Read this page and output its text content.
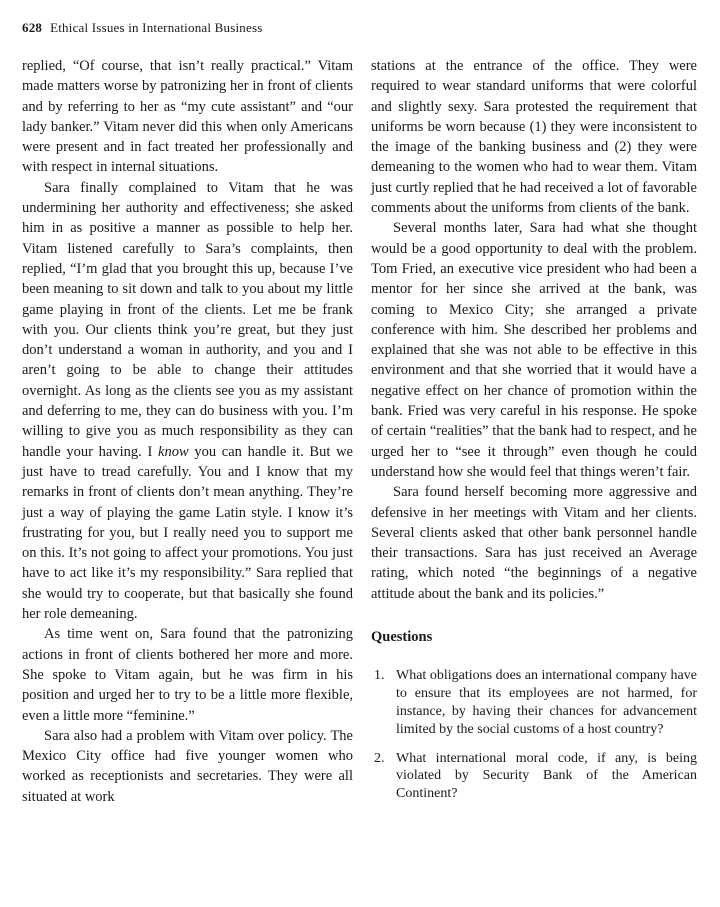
628 Ethical Issues in International Business

replied, “Of course, that isn’t really practical.” Vitam made matters worse by patronizing her in front of clients and by referring to her as “my cute assistant” and “our lady banker.” Vitam never did this when only Americans were present and in fact treated her professionally and with respect in internal situations.

Sara finally complained to Vitam that he was undermining her authority and effectiveness; she asked him in as positive a manner as possible to help her. Vitam listened carefully to Sara’s complaints, then replied, “I’m glad that you brought this up, because I’ve been meaning to sit down and talk to you about my little game playing in front of the clients. Let me be frank with you. Our clients think you’re great, but they just don’t understand a woman in authority, and you and I aren’t going to be able to change their attitudes overnight. As long as the clients see you as my assistant and deferring to me, they can do business with you. I’m willing to give you as much responsibility as they can handle your having. I know you can handle it. But we just have to tread carefully. You and I know that my remarks in front of clients don’t mean anything. They’re just a way of playing the game Latin style. I know it’s frustrating for you, but I really need you to support me on this. It’s not going to affect your promotions. You just have to act like it’s my responsibility.” Sara replied that she would try to cooperate, but that basically she found her role demeaning.

As time went on, Sara found that the patronizing actions in front of clients bothered her more and more. She spoke to Vitam again, but he was firm in his position and urged her to try to be a little more flexible, even a little more “feminine.”

Sara also had a problem with Vitam over policy. The Mexico City office had five younger women who worked as receptionists and secretaries. They were all situated at work

stations at the entrance of the office. They were required to wear standard uniforms that were colorful and slightly sexy. Sara protested the requirement that uniforms be worn because (1) they were inconsistent to the image of the banking business and (2) they were demeaning to the women who had to wear them. Vitam just curtly replied that he had received a lot of favorable comments about the uniforms from clients of the bank.

Several months later, Sara had what she thought would be a good opportunity to deal with the problem. Tom Fried, an executive vice president who had been a mentor for her since she arrived at the bank, was coming to Mexico City; she arranged a private conference with him. She described her problems and explained that she was not able to be effective in this environment and that she worried that it would have a negative effect on her chance of promotion within the bank. Fried was very careful in his response. He spoke of certain “realities” that the bank had to respect, and he urged her to “see it through” even though he could understand how she would feel that things weren’t fair.

Sara found herself becoming more aggressive and defensive in her meetings with Vitam and her clients. Several clients asked that other bank personnel handle their transactions. Sara has just received an Average rating, which noted “the beginnings of a negative attitude about the bank and its policies.”

Questions
1. What obligations does an international company have to ensure that its employees are not harmed, for instance, by having their chances for advancement limited by the social customs of a host country?
2. What international moral code, if any, is being violated by Security Bank of the American Continent?
